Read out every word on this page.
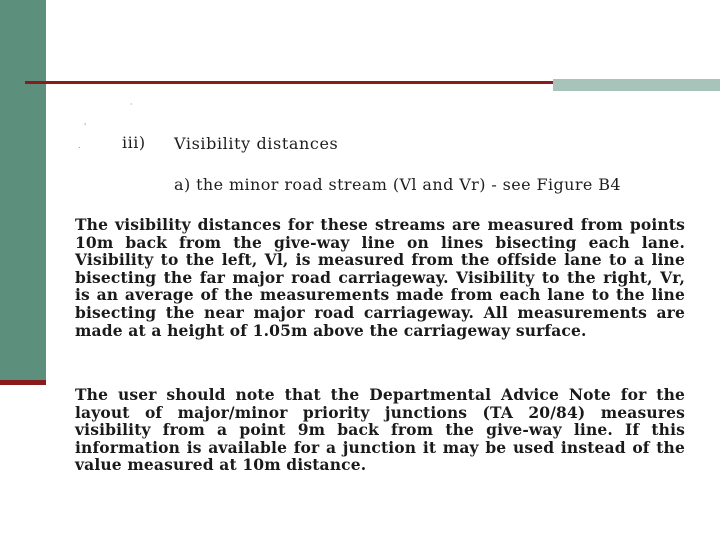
·
'
.	iii) Visibility distances
a) the minor road stream (Vl and Vr) - see Figure B4
The visibility distances for these streams are measured from points 10m back from the give-way line on lines bisecting each lane. Visibility to the left, Vl, is measured from the offside lane to a line bisecting the far major road carriageway. Visibility to the right, Vr, is an average of the measurements made from each lane to the line bisecting the near major road carriageway. All measurements are made at a height of 1.05m above the carriageway surface.
The user should note that the Departmental Advice Note for the layout of major/minor priority junctions (TA 20/84) measures visibility from a point 9m back from the give-way line. If this information is available for a junction it may be used instead of the value measured at 10m distance.
